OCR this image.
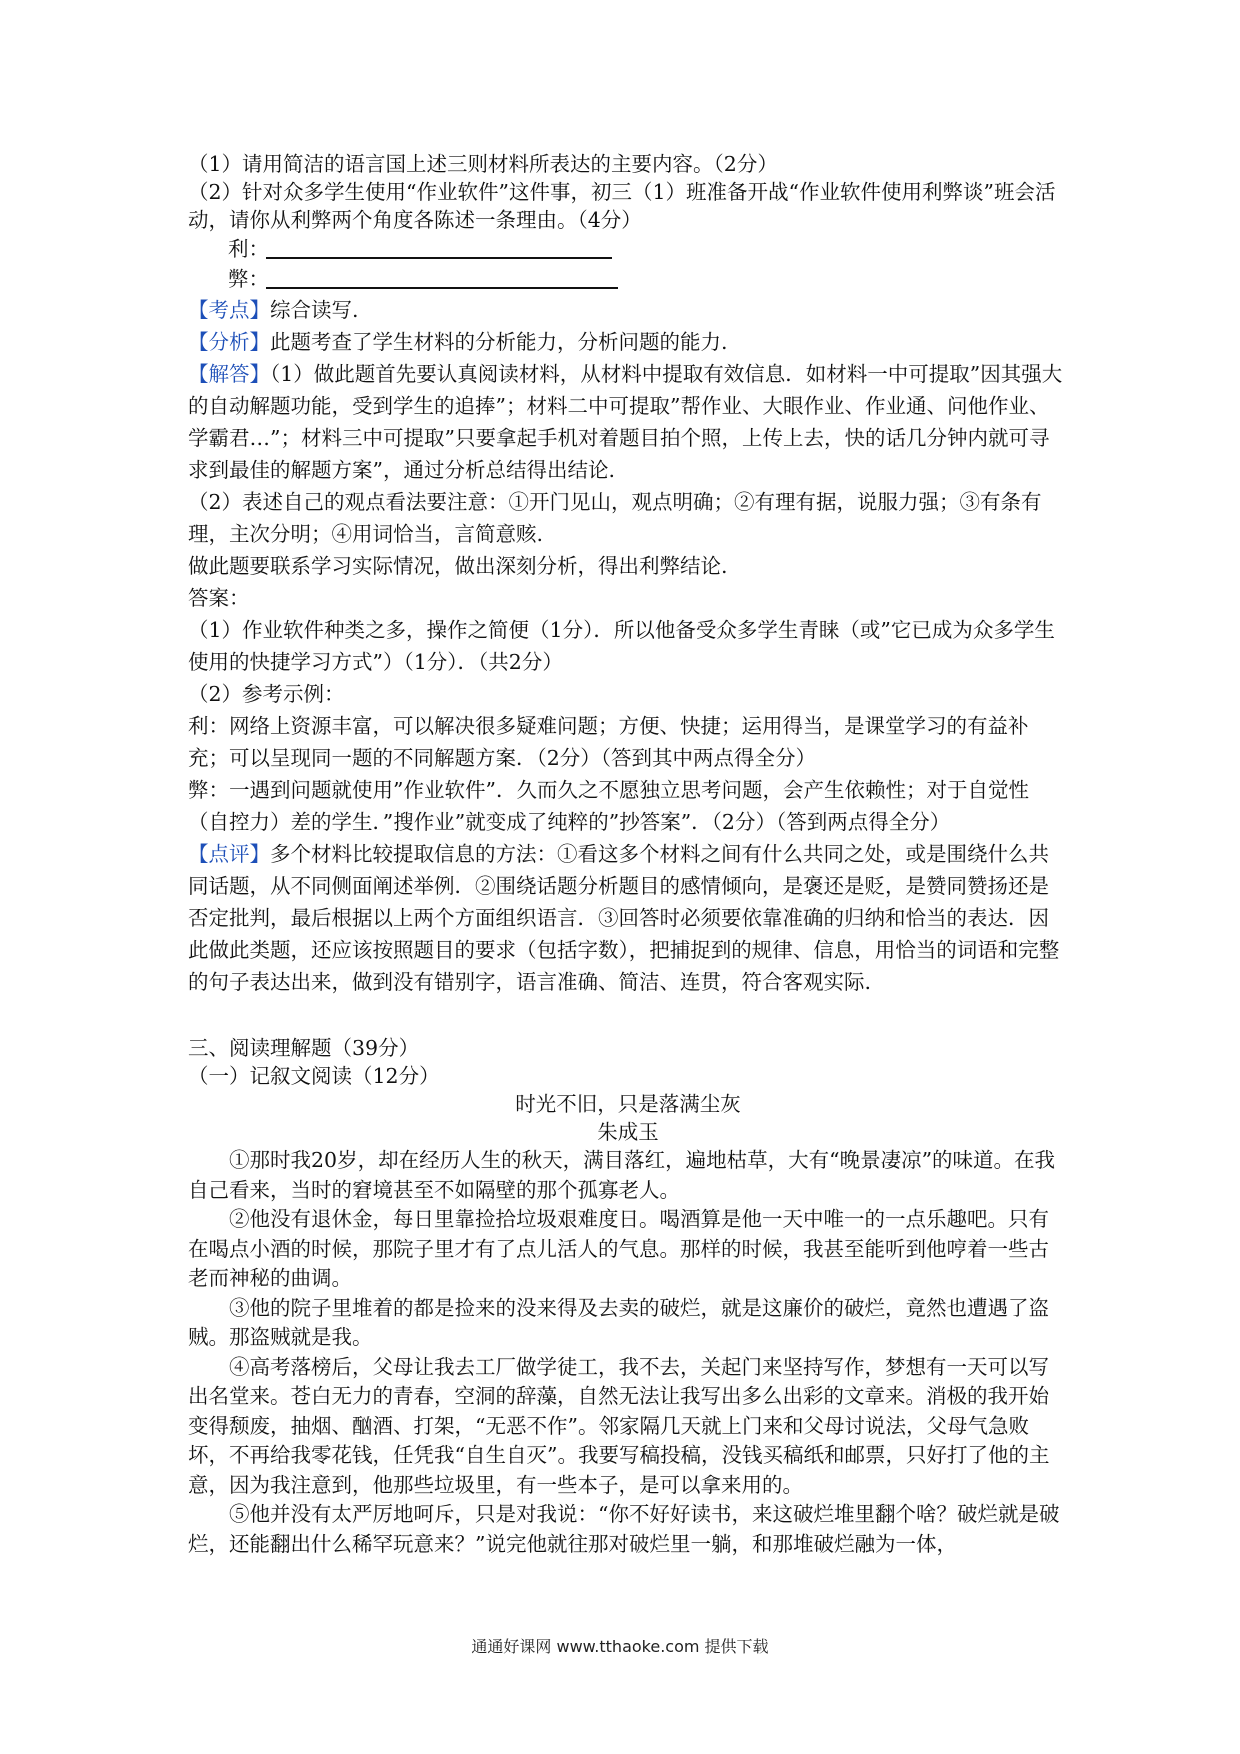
（1）请用简洁的语言国上述三则材料所表达的主要内容。（2分）

（2）针对众多学生使用“作业软件”这件事，初三（1）班准备开战“作业软件使用利弊谈”班会活动，请你从利弊两个角度各陈述一条理由。（4分）

利：
弊：

【考点】综合读写.

【分析】此题考查了学生材料的分析能力，分析问题的能力.

【解答】（1）做此题首先要认真阅读材料，从材料中提取有效信息．如材料一中可提取”因其强大的自动解题功能，受到学生的追捧”；材料二中可提取”帮作业、大眼作业、作业通、问他作业、学霸君…”；材料三中可提取”只要拿起手机对着题目拍个照，上传上去，快的话几分钟内就可寻求到最佳的解题方案”，通过分析总结得出结论.

（2）表述自己的观点看法要注意：①开门见山，观点明确；②有理有据，说服力强；③有条有理，主次分明；④用词恰当，言简意赅.

做此题要联系学习实际情况，做出深刻分析，得出利弊结论.

答案：

（1）作业软件种类之多，操作之简便（1分）．所以他备受众多学生青睐（或”它已成为众多学生使用的快捷学习方式”）（1分）．（共2分）

（2）参考示例：

利：网络上资源丰富，可以解决很多疑难问题；方便、快捷；运用得当，是课堂学习的有益补充；可以呈现同一题的不同解题方案．（2分）（答到其中两点得全分）

弊：一遇到问题就使用”作业软件”．久而久之不愿独立思考问题，会产生依赖性；对于自觉性（自控力）差的学生．”搜作业”就变成了纯粹的”抄答案”．（2分）（答到两点得全分）

【点评】多个材料比较提取信息的方法：①看这多个材料之间有什么共同之处，或是围绕什么共同话题，从不同侧面阐述举例．②围绕话题分析题目的感情倾向，是褒还是贬，是赞同赞扬还是否定批判，最后根据以上两个方面组织语言．③回答时必须要依靠准确的归纳和恰当的表达．因此做此类题，还应该按照题目的要求（包括字数），把捕捉到的规律、信息，用恰当的词语和完整的句子表达出来，做到没有错别字，语言准确、简洁、连贯，符合客观实际.

三、阅读理解题（39分）

（一）记叙文阅读（12分）

时光不旧，只是落满尘灰

朱成玉

①那时我20岁，却在经历人生的秋天，满目落红，遍地枯草，大有“晚景凄凉”的味道。在我自己看来，当时的窘境甚至不如隔壁的那个孤寡老人。

②他没有退休金，每日里靠捡拾垃圾艰难度日。喝酒算是他一天中唯一的一点乐趣吧。只有在喝点小酒的时候，那院子里才有了点儿活人的气息。那样的时候，我甚至能听到他哼着一些古老而神秘的曲调。

③他的院子里堆着的都是捡来的没来得及去卖的破烂，就是这廉价的破烂，竟然也遭遇了盗贼。那盗贼就是我。

④高考落榜后，父母让我去工厂做学徒工，我不去，关起门来坚持写作，梦想有一天可以写出名堂来。苍白无力的青春，空洞的辞藻，自然无法让我写出多么出彩的文章来。消极的我开始变得颓废，抽烟、酗酒、打架，“无恶不作”。邻家隔几天就上门来和父母讨说法，父母气急败坏，不再给我零花钱，任凭我“自生自灭”。我要写稿投稿，没钱买稿纸和邮票，只好打了他的主意，因为我注意到，他那些垃圾里，有一些本子，是可以拿来用的。

⑤他并没有太严厉地呵斥，只是对我说：“你不好好读书，来这破烂堆里翻个啥？破烂就是破烂，还能翻出什么稀罕玩意来？”说完他就往那对破烂里一躺，和那堆破烂融为一体，

通通好课网 www.tthaoke.com 提供下载
